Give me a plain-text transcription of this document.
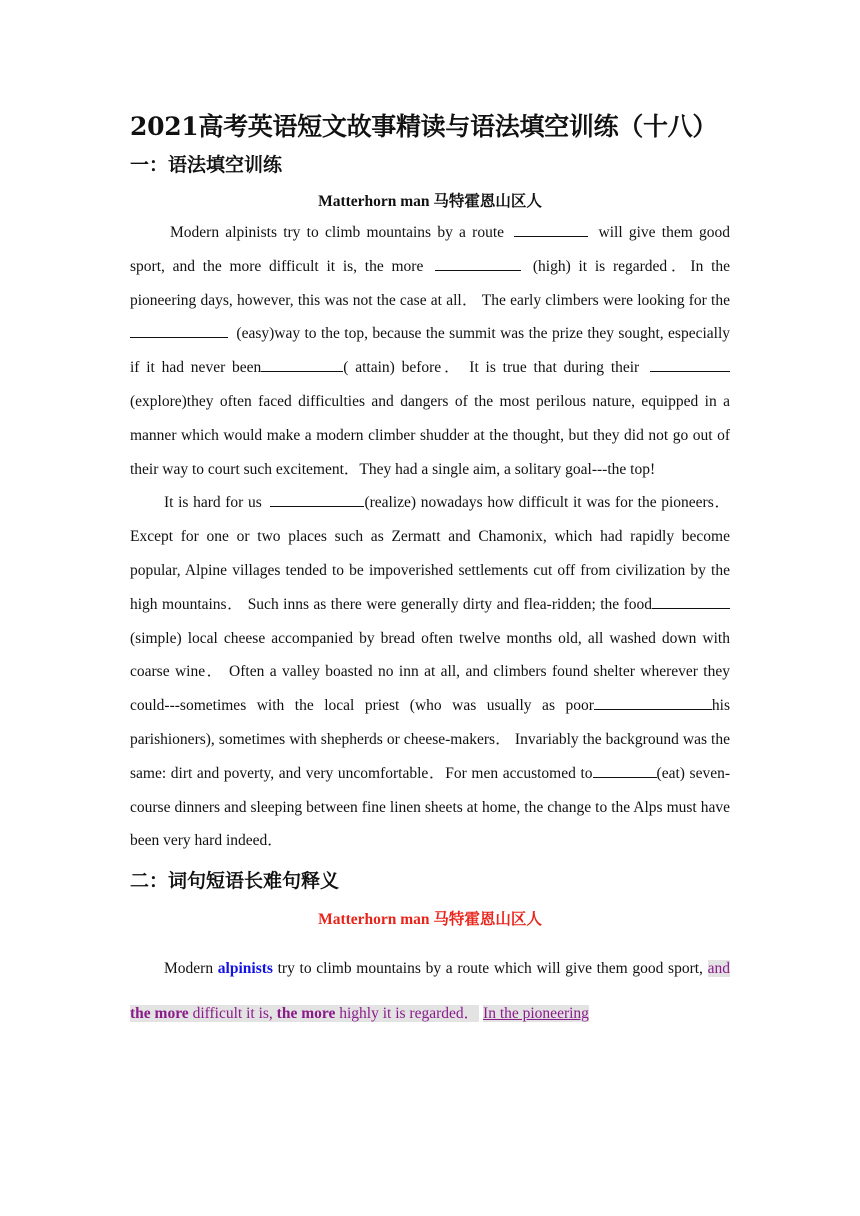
2021高考英语短文故事精读与语法填空训练（十八）
一：语法填空训练

Matterhorn man 马特霍恩山区人

Modern alpinists try to climb mountains by a route	will give them good sport, and the more difficult it is, the more	(high) it is regarded．In the pioneering days, however, this was not the case at all． The early climbers were looking for the (easy)way to the top, because the summit was the prize they sought, especially if it had never been	( attain) before． It is true that during their (explore)they often faced difficulties and dangers of the most perilous nature, equipped in a manner which would make a modern climber shudder at the thought, but they did not go out of their way to court such excitement．They had a single aim, a solitary goal---the top!

It is hard for us	(realize) nowadays how difficult it was for the pioneers． Except for one or two places such as Zermatt and Chamonix, which had rapidly become popular, Alpine villages tended to be impoverished settlements cut off from civilization by the high mountains． Such inns as there were generally dirty and flea-ridden; the food(simple) local cheese accompanied by bread often twelve months old, all washed down with coarse wine． Often a valley boasted no inn at all, and climbers found shelter wherever they could---sometimes with the local priest (who was usually as poor	his parishioners), sometimes with shepherds or cheese-makers． Invariably the background was the same: dirt and poverty, and very uncomfortable．For men accustomed to	(eat) seven-course dinners and sleeping between fine linen sheets at home, the change to the Alps must have been very hard indeed．

二：词句短语长难句释义

Matterhorn man 马特霍恩山区人

Modern alpinists try to climb mountains by a route which will give them good sport, and the more difficult it is, the more highly it is regarded． In the pioneering
